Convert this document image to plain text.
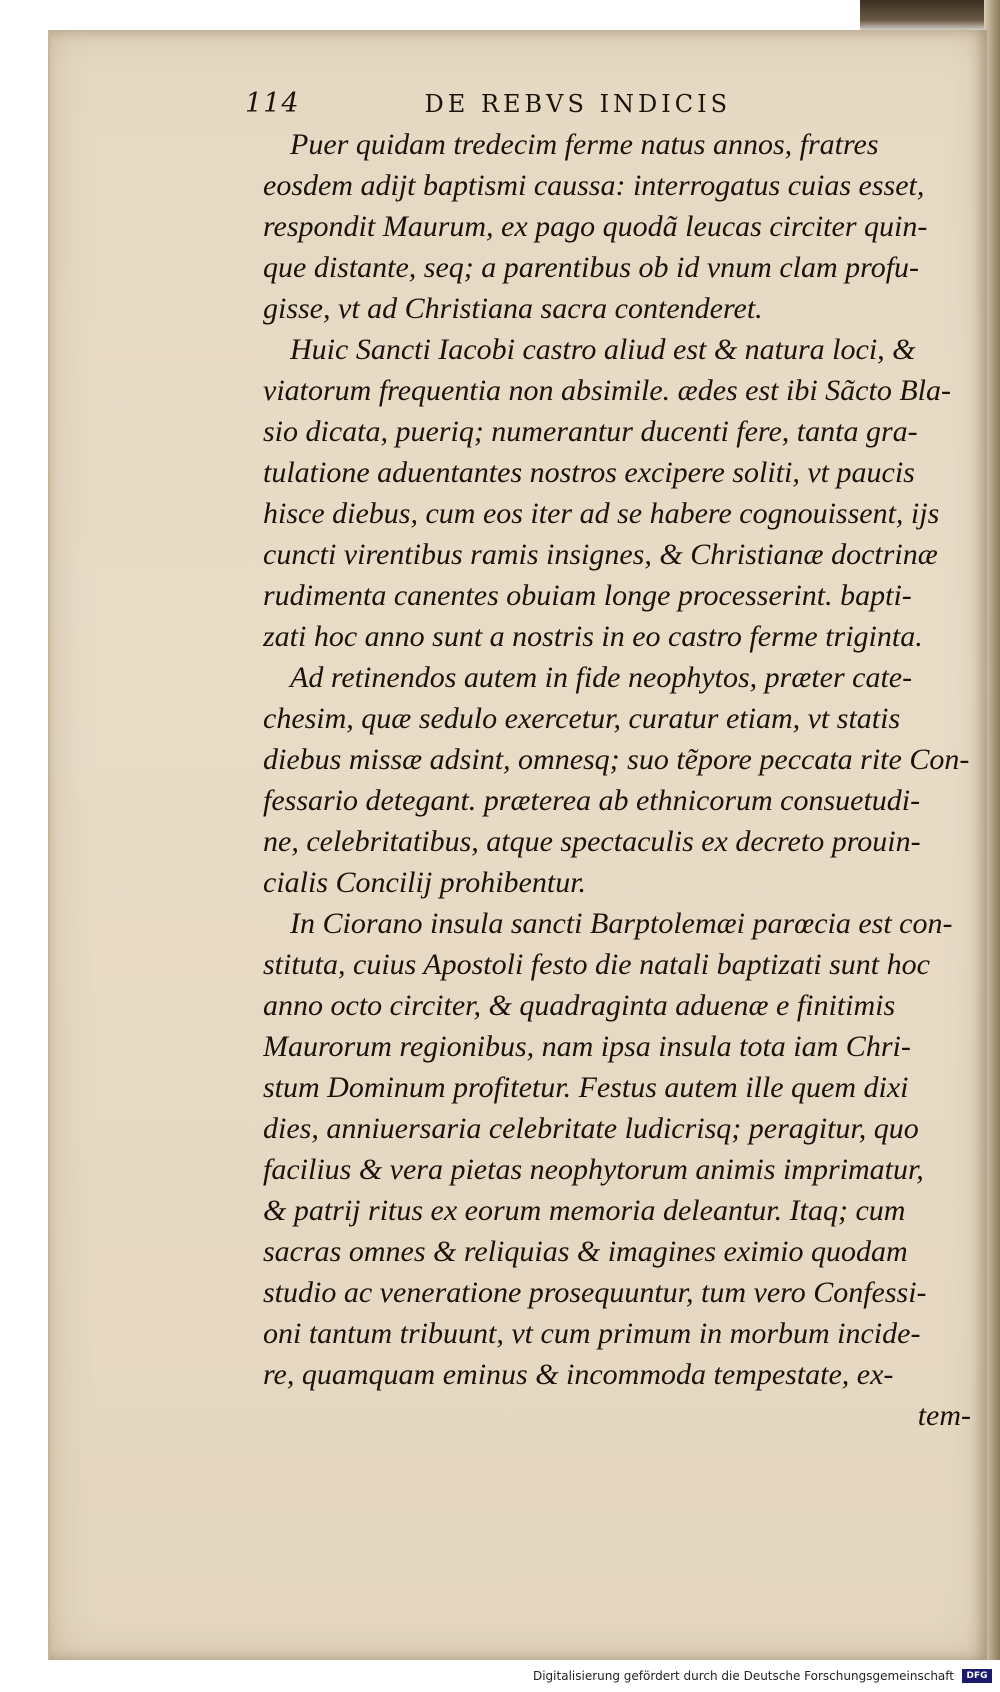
114	DE REBVS INDICIS
Puer quidam tredecim ferme natus annos, fratres
eosdem adijt baptismi caussa: interrogatus cuias esset,
respondit Maurum, ex pago quodã leucas circiter quin-
que distante, seq; a parentibus ob id vnum clam profu-
gisse, vt ad Christiana sacra contenderet.
Huic Sancti Iacobi castro aliud est & natura loci, &
viatorum frequentia non absimile. ædes est ibi Sãcto Bla-
sio dicata, pueriq; numerantur ducenti fere, tanta gra-
tulatione aduentantes nostros excipere soliti, vt paucis
hisce diebus, cum eos iter ad se habere cognouissent, ijs
cuncti virentibus ramis insignes, & Christianæ doctrinæ
rudimenta canentes obuiam longe processerint. bapti-
zati hoc anno sunt a nostris in eo castro ferme triginta.
Ad retinendos autem in fide neophytos, præter cate-
chesim, quæ sedulo exercetur, curatur etiam, vt statis
diebus missæ adsint, omnesq; suo tẽpore peccata rite Con-
fessario detegant. præterea ab ethnicorum consuetudi-
ne, celebritatibus, atque spectaculis ex decreto prouin-
cialis Concilij prohibentur.
In Ciorano insula sancti Barptolemæi parœcia est con-
stituta, cuius Apostoli festo die natali baptizati sunt hoc
anno octo circiter, & quadraginta aduenæ e finitimis
Maurorum regionibus, nam ipsa insula tota iam Chri-
stum Dominum profitetur. Festus autem ille quem dixi
dies, anniuersaria celebritate ludicrisq; peragitur, quo
facilius & vera pietas neophytorum animis imprimatur,
& patrij ritus ex eorum memoria deleantur. Itaq; cum
sacras omnes & reliquias & imagines eximio quodam
studio ac veneratione prosequuntur, tum vero Confessi-
oni tantum tribuunt, vt cum primum in morbum incide-
re, quamquam eminus & incommoda tempestate, ex-
tem-
Digitalisierung gefördert durch die Deutsche Forschungsgemeinschaft	DFG
